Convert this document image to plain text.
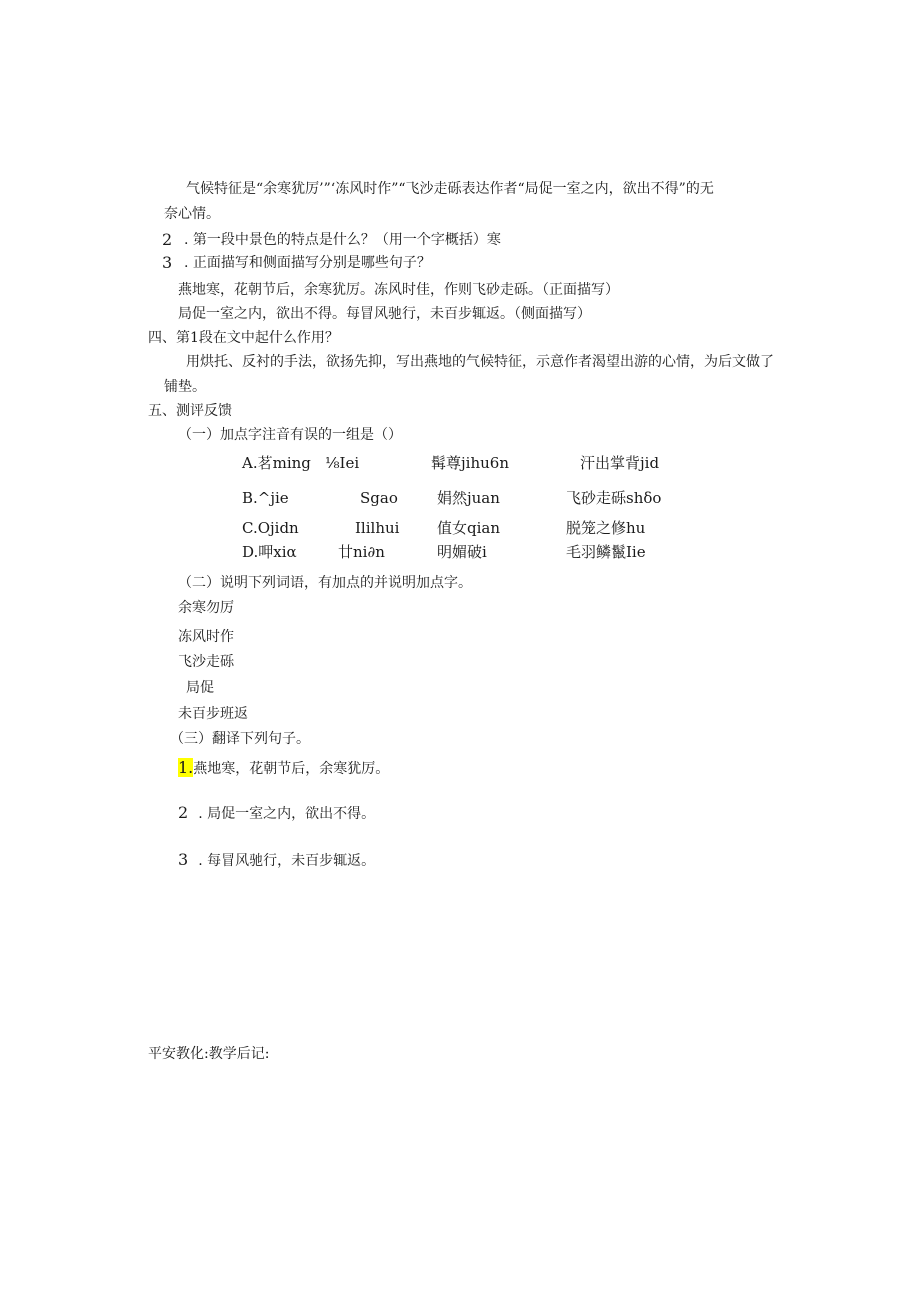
气候特征是“余寒犹厉’”‘冻风时作”“飞沙走砾表达作者“局促一室之内，欲出不得”的无
奈心情。
2 . 第一段中景色的特点是什么？（用一个字概括）寒
3 . 正面描写和侧面描写分别是哪些句子？
燕地寒，花朝节后，余寒犹厉。冻风时佳，作则飞砂走砾。（正面描写）
局促一室之内，欲出不得。每冒风驰行，未百步辄返。（侧面描写）
四、第1段在文中起什么作用？
用烘托、反衬的手法，欲扬先抑，写出燕地的气候特征，示意作者渴望出游的心情，为后文做了
铺垫。
五、测评反馈
（一）加点字注音有误的一组是（）
A.茗ming ⅛Iei	髯尊jihu6n	汗出掌背jid
B.^jie	Sgao	娟然juan	飞砂走砾shδo
C.Ojidn	Ililhui	值女qian	脱笼之修hu
D.呷xiα	廿ni∂n	明媚破i	毛羽鳞鬣Iie
（二）说明下列词语，有加点的并说明加点字。
余寒勿厉
冻风时作
飞沙走砾
局促
未百步班返
（三）翻译下列句子。
1.燕地寒，花朝节后，余寒犹厉。
2 . 局促一室之内，欲出不得。
3 . 每冒风驰行，未百步辄返。
平安教化:教学后记:
